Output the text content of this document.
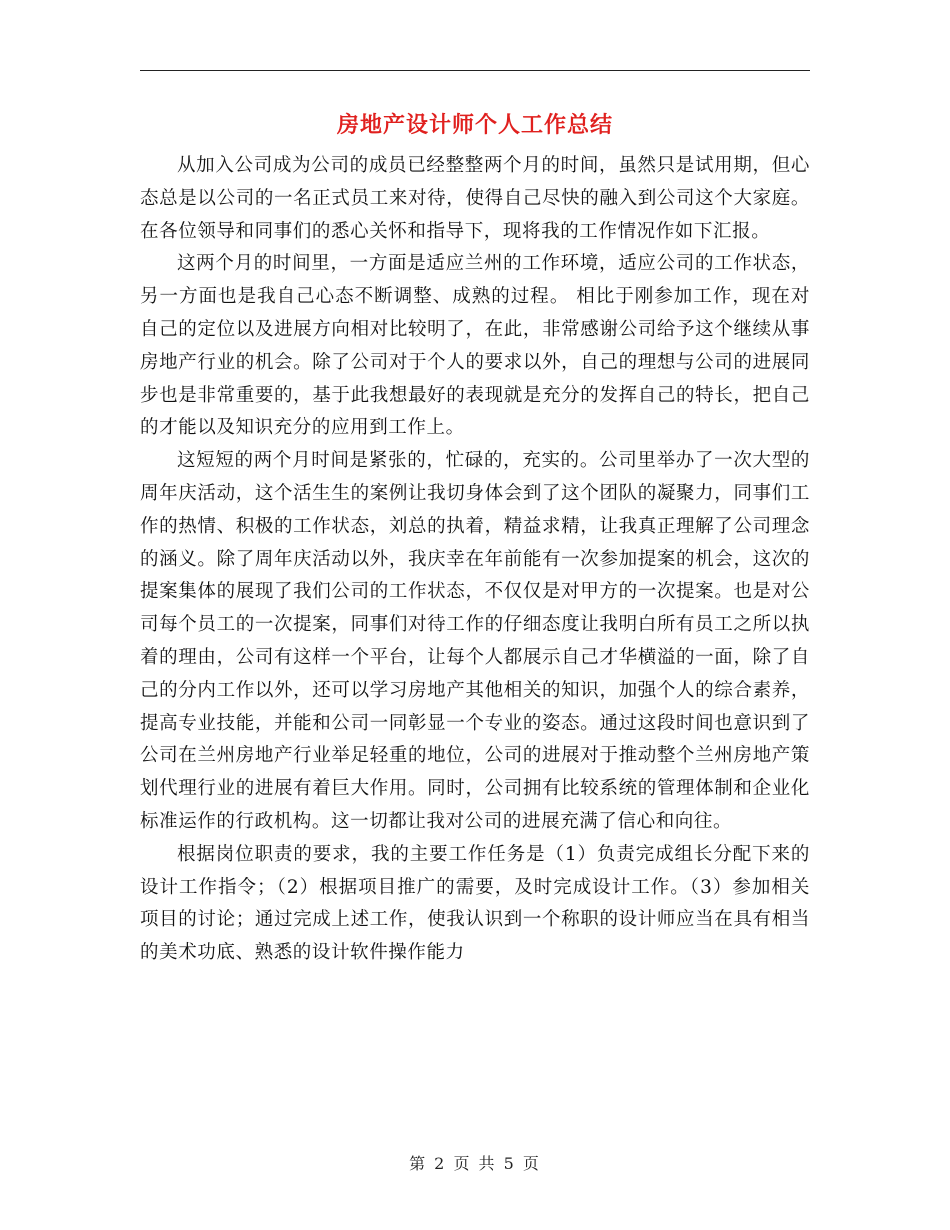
房地产设计师个人工作总结

从加入公司成为公司的成员已经整整两个月的时间，虽然只是试用期，但心态总是以公司的一名正式员工来对待，使得自己尽快的融入到公司这个大家庭。在各位领导和同事们的悉心关怀和指导下，现将我的工作情况作如下汇报。

这两个月的时间里，一方面是适应兰州的工作环境，适应公司的工作状态，另一方面也是我自己心态不断调整、成熟的过程。 相比于刚参加工作，现在对自己的定位以及进展方向相对比较明了，在此，非常感谢公司给予这个继续从事房地产行业的机会。除了公司对于个人的要求以外，自己的理想与公司的进展同步也是非常重要的，基于此我想最好的表现就是充分的发挥自己的特长，把自己的才能以及知识充分的应用到工作上。

这短短的两个月时间是紧张的，忙碌的，充实的。公司里举办了一次大型的周年庆活动，这个活生生的案例让我切身体会到了这个团队的凝聚力，同事们工作的热情、积极的工作状态，刘总的执着，精益求精，让我真正理解了公司理念的涵义。除了周年庆活动以外，我庆幸在年前能有一次参加提案的机会，这次的提案集体的展现了我们公司的工作状态，不仅仅是对甲方的一次提案。也是对公司每个员工的一次提案，同事们对待工作的仔细态度让我明白所有员工之所以执着的理由，公司有这样一个平台，让每个人都展示自己才华横溢的一面，除了自己的分内工作以外，还可以学习房地产其他相关的知识，加强个人的综合素养，提高专业技能，并能和公司一同彰显一个专业的姿态。通过这段时间也意识到了公司在兰州房地产行业举足轻重的地位，公司的进展对于推动整个兰州房地产策划代理行业的进展有着巨大作用。同时，公司拥有比较系统的管理体制和企业化标准运作的行政机构。这一切都让我对公司的进展充满了信心和向往。

根据岗位职责的要求，我的主要工作任务是（1）负责完成组长分配下来的设计工作指令；（2）根据项目推广的需要，及时完成设计工作。（3）参加相关项目的讨论；通过完成上述工作，使我认识到一个称职的设计师应当在具有相当的美术功底、熟悉的设计软件操作能力

第 2 页 共 5 页
